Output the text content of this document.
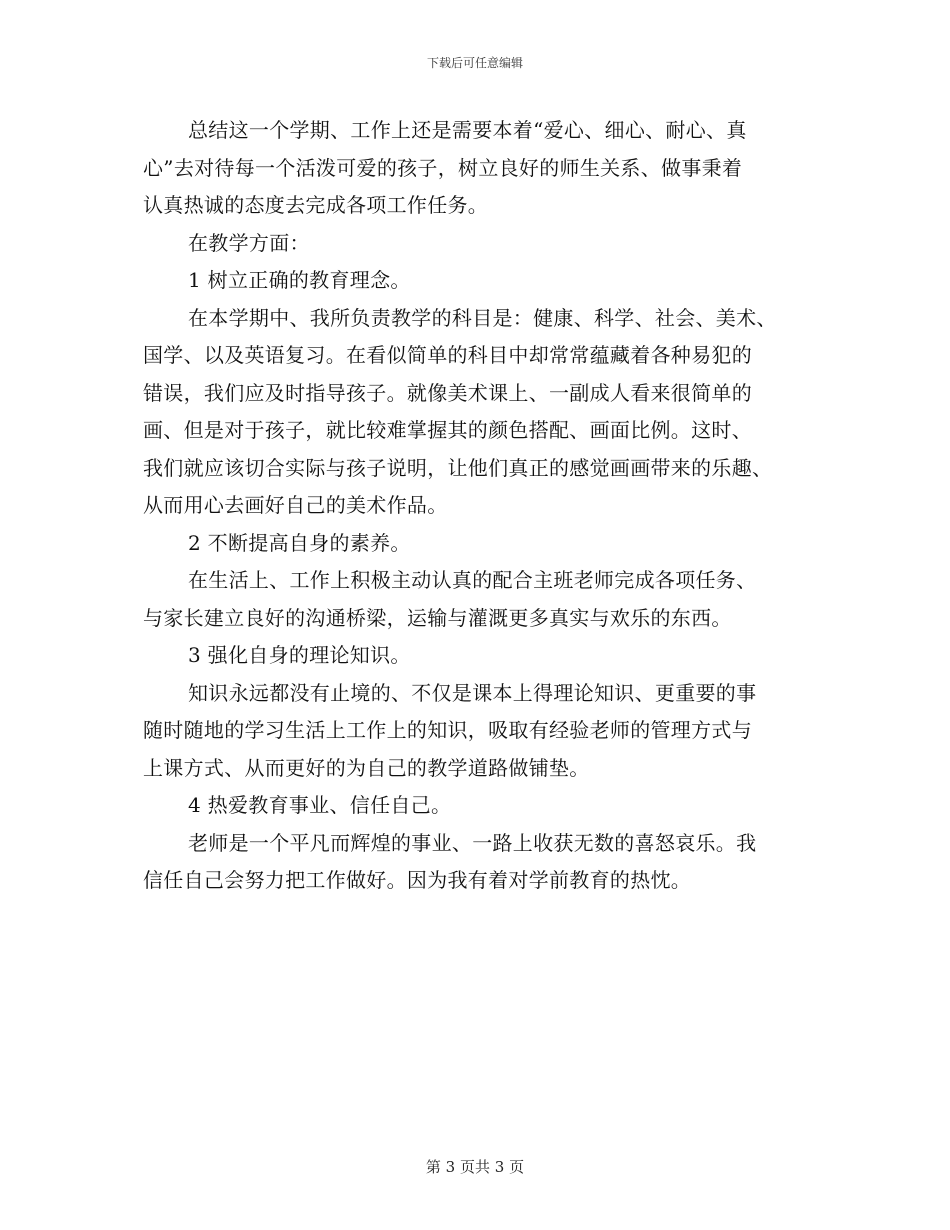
下载后可任意编辑
总结这一个学期、工作上还是需要本着“爱心、细心、耐心、真
心”去对待每一个活泼可爱的孩子，树立良好的师生关系、做事秉着
认真热诚的态度去完成各项工作任务。
在教学方面：
1 树立正确的教育理念。
在本学期中、我所负责教学的科目是：健康、科学、社会、美术、
国学、以及英语复习。在看似简单的科目中却常常蕴藏着各种易犯的
错误，我们应及时指导孩子。就像美术课上、一副成人看来很简单的
画、但是对于孩子，就比较难掌握其的颜色搭配、画面比例。这时、
我们就应该切合实际与孩子说明，让他们真正的感觉画画带来的乐趣、
从而用心去画好自己的美术作品。
2 不断提高自身的素养。
在生活上、工作上积极主动认真的配合主班老师完成各项任务、
与家长建立良好的沟通桥梁，运输与灌溉更多真实与欢乐的东西。
3 强化自身的理论知识。
知识永远都没有止境的、不仅是课本上得理论知识、更重要的事
随时随地的学习生活上工作上的知识，吸取有经验老师的管理方式与
上课方式、从而更好的为自己的教学道路做铺垫。
4 热爱教育事业、信任自己。
老师是一个平凡而辉煌的事业、一路上收获无数的喜怒哀乐。我
信任自己会努力把工作做好。因为我有着对学前教育的热忱。
第 3 页共 3 页
